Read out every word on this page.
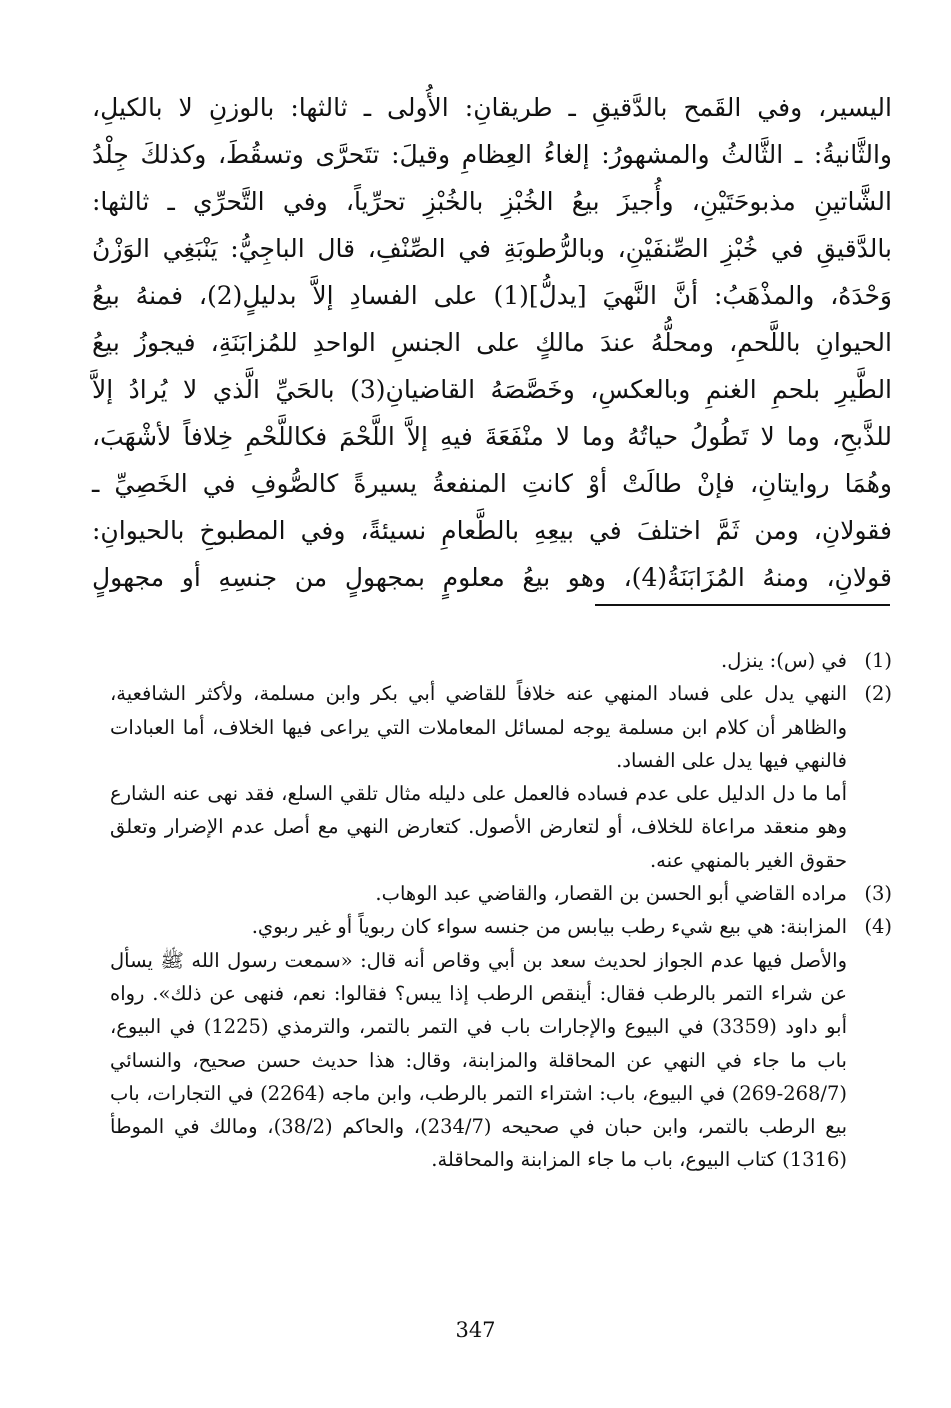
اليسير، وفي القَمح بالدَّقيقِ ـ طريقانِ: الأُولى ـ ثالثها: بالوزنِ لا بالكيلِ،

والثَّانيةُ: ـ الثَّالثُ والمشهورُ: إلغاءُ العِظامِ وقيلَ: تتَحرَّى وتسقُطَ، وكذلكَ جِلْدُ

الشَّاتينِ مذبوحَتَيْنِ، وأُجيزَ بيعُ الخُبْزِ بالخُبْزِ تحرِّياً، وفي التَّحرِّي ـ ثالثها:

بالدَّقيقِ في خُبْزِ الصِّنفَيْنِ، وبالرُّطوبَةِ في الصِّنْفِ، قال الباجِيُّ: يَنْبَغِي الوَزْنُ

وَحْدَهُ، والمذْهَبُ: أنَّ النَّهيَ [يدلُّ](1) على الفسادِ إلاَّ بدليلٍ(2)، فمنهُ بيعُ

الحيوانِ باللَّحمِ، ومحلُّهُ عندَ مالكٍ على الجنسِ الواحدِ للمُزابَنَةِ، فيجوزُ بيعُ

الطَّيرِ بلحمِ الغنمِ وبالعكسِ، وخَصَّصَهُ القاضيانِ(3) بالحَيِّ الَّذي لا يُرادُ إلاَّ

للذَّبحِ، وما لا تَطُولُ حياتُهُ وما لا منْفَعَةَ فيهِ إلاَّ اللَّحْمَ فكاللَّحْمِ خِلافاً لأشْهَبَ،

وهُمَا روايتانِ، فإنْ طالَتْ أوْ كانتِ المنفعةُ يسيرةً كالصُّوفِ في الخَصِيِّ ـ

فقولانِ، ومن ثَمَّ اختلفَ في بيعِهِ بالطَّعامِ نسيئةً، وفي المطبوخِ بالحيوانِ:

قولانِ، ومنهُ المُزَابَنَةُ(4)، وهو بيعُ معلومٍ بمجهولٍ من جنسِهِ أو مجهولٍ

(1)

في (س): ينزل.

(2)

النهي يدل على فساد المنهي عنه خلافاً للقاضي أبي بكر وابن مسلمة، ولأكثر الشافعية، والظاهر أن كلام ابن مسلمة يوجه لمسائل المعاملات التي يراعى فيها الخلاف، أما العبادات فالنهي فيها يدل على الفساد.

أما ما دل الدليل على عدم فساده فالعمل على دليله مثال تلقي السلع، فقد نهى عنه الشارع وهو منعقد مراعاة للخلاف، أو لتعارض الأصول. كتعارض النهي مع أصل عدم الإضرار وتعلق حقوق الغير بالمنهي عنه.

(3)

مراده القاضي أبو الحسن بن القصار، والقاضي عبد الوهاب.

(4)

المزابنة: هي بيع شيء رطب بيابس من جنسه سواء كان ربوياً أو غير ربوي.

والأصل فيها عدم الجواز لحديث سعد بن أبي وقاص أنه قال: «سمعت رسول الله ﷺ يسأل عن شراء التمر بالرطب فقال: أينقص الرطب إذا يبس؟ فقالوا: نعم، فنهى عن ذلك». رواه أبو داود (3359) في البيوع والإجارات باب في التمر بالتمر، والترمذي (1225) في البيوع، باب ما جاء في النهي عن المحاقلة والمزابنة، وقال: هذا حديث حسن صحيح، والنسائي (268/7-269) في البيوع، باب: اشتراء التمر بالرطب، وابن ماجه (2264) في التجارات، باب بيع الرطب بالتمر، وابن حبان في صحيحه (234/7)، والحاكم (38/2)، ومالك في الموطأ (1316) كتاب البيوع، باب ما جاء المزابنة والمحاقلة.

347
